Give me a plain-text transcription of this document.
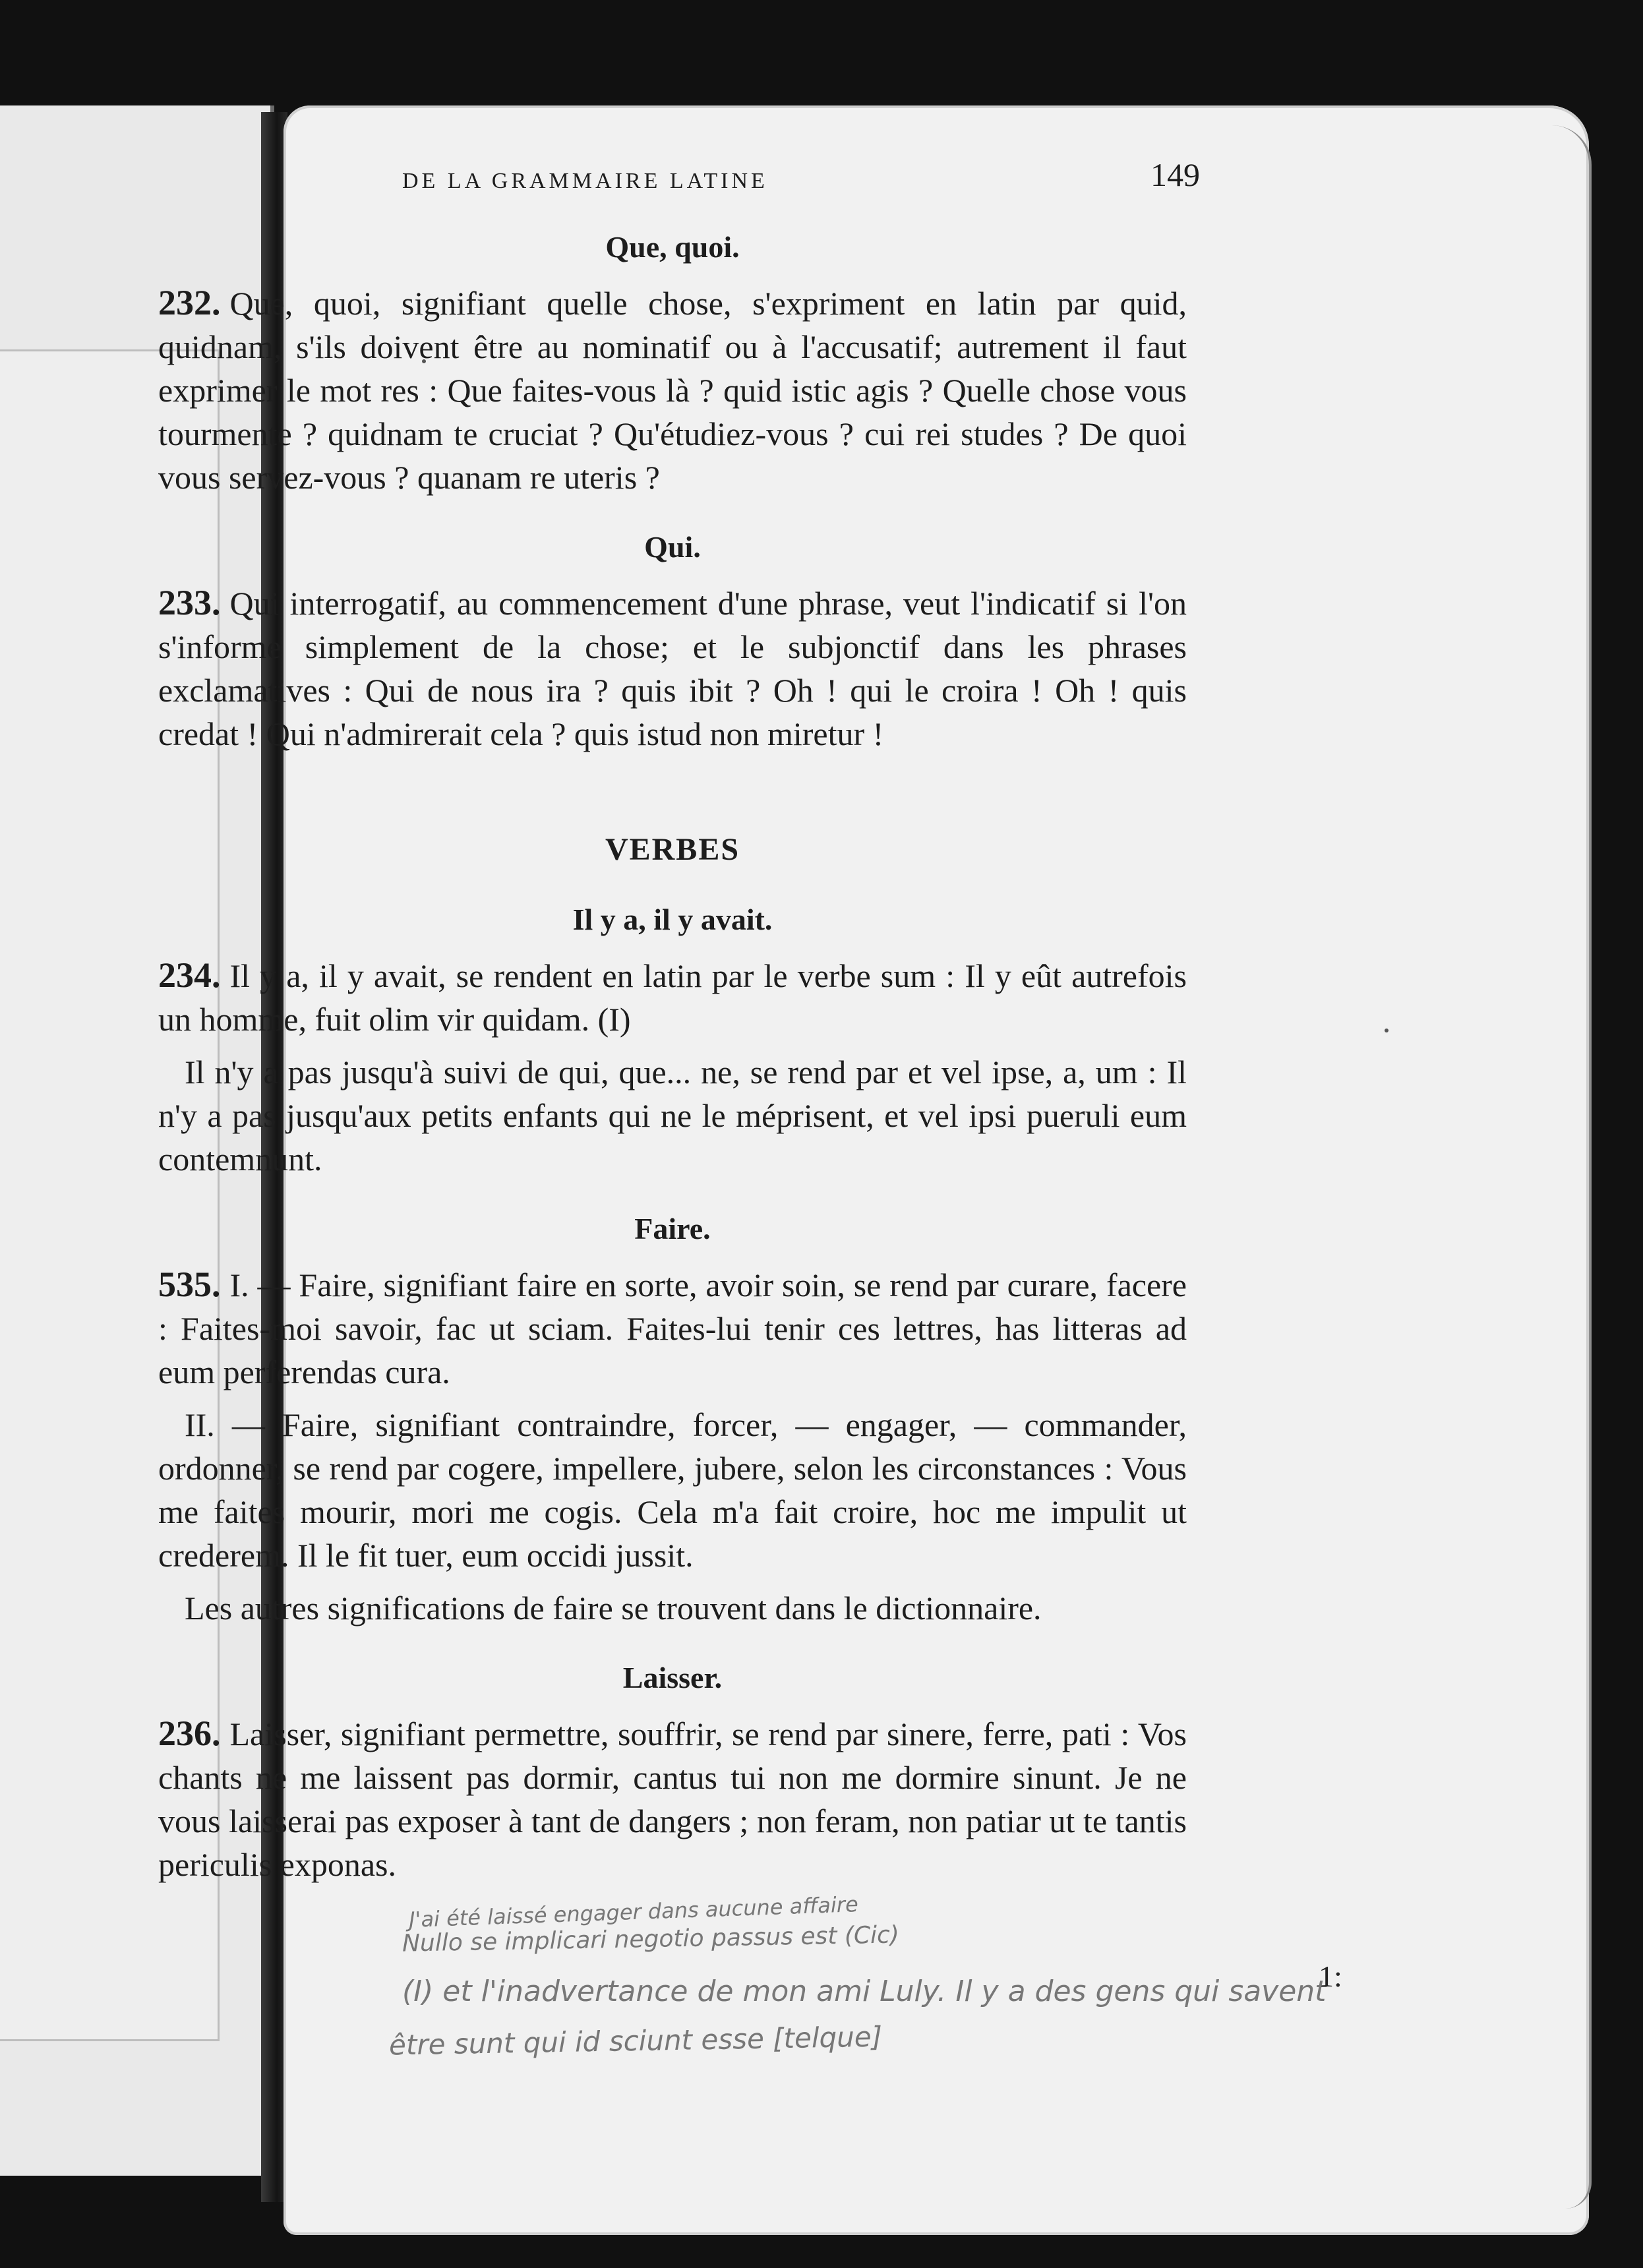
DE LA GRAMMAIRE LATINE	149
Que, quoi.

232. Que, quoi, signifiant quelle chose, s'expriment en latin par quid, quidnam, s'ils doivent être au nominatif ou à l'accusatif; autrement il faut exprimer le mot res : Que faites-vous là ? quid istic agis ? Quelle chose vous tourmente ? quidnam te cruciat ? Qu'étudiez-vous ? cui rei studes ? De quoi vous servez-vous ? quanam re uteris ?

Qui.

233. Qui interrogatif, au commencement d'une phrase, veut l'indicatif si l'on s'informe simplement de la chose; et le subjonctif dans les phrases exclamatives : Qui de nous ira ? quis ibit ? Oh ! qui le croira ! Oh ! quis credat ! Qui n'admirerait cela ? quis istud non miretur !

VERBES
Il y a, il y avait.

234. Il y a, il y avait, se rendent en latin par le verbe sum : Il y eût autrefois un homme, fuit olim vir quidam. (I)

Il n'y a pas jusqu'à suivi de qui, que... ne, se rend par et vel ipse, a, um : Il n'y a pas jusqu'aux petits enfants qui ne le méprisent, et vel ipsi pueruli eum contemnunt.

Faire.

535. I. — Faire, signifiant faire en sorte, avoir soin, se rend par curare, facere : Faites-moi savoir, fac ut sciam. Faites-lui tenir ces lettres, has litteras ad eum perferendas cura.

II. — Faire, signifiant contraindre, forcer, — engager, — commander, ordonner, se rend par cogere, impellere, jubere, selon les circonstances : Vous me faites mourir, mori me cogis. Cela m'a fait croire, hoc me impulit ut crederem. Il le fit tuer, eum occidi jussit.

Les autres significations de faire se trouvent dans le dictionnaire.

Laisser.

236. Laisser, signifiant permettre, souffrir, se rend par sinere, ferre, pati : Vos chants ne me laissent pas dormir, cantus tui non me dormire sinunt. Je ne vous laisserai pas exposer à tant de dangers ; non feram, non patiar ut te tantis periculis exponas.

J'ai été laissé engager dans aucune affaire
Nullo se implicari negotio passus est (Cic)
(I) et l'inadvertance de mon ami Luly. Il y a des gens qui savent
être sunt qui id sciunt esse [telque]
1:
